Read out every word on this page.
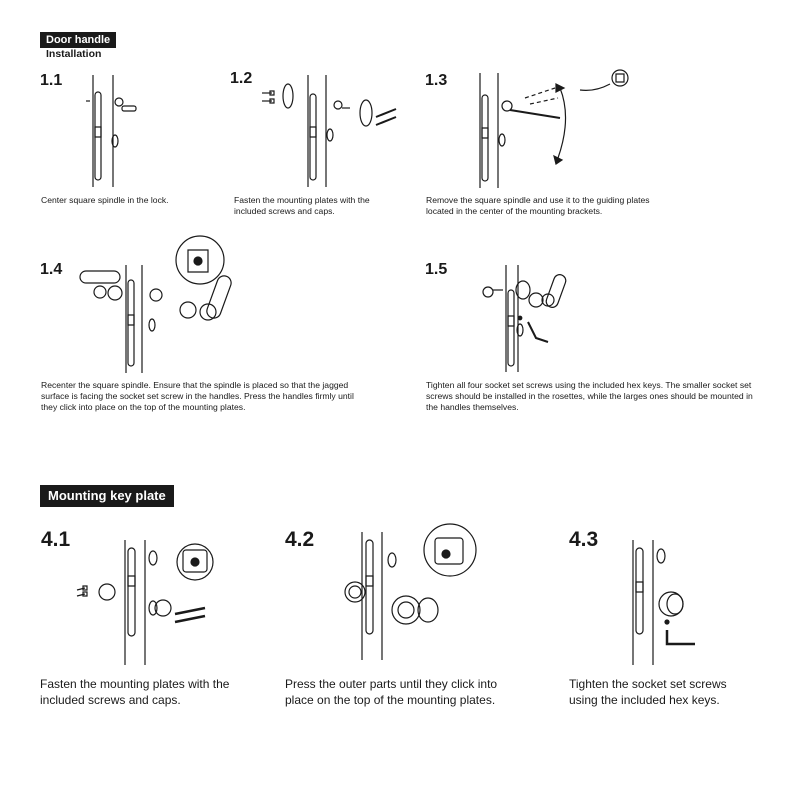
Door handle
Installation
1.1	1.2	1.3
1.4	1.5
Center square spindle in the lock.	Fasten the mounting plates with the included screws and caps.
Remove the square spindle and use it to the guiding plates located in the center of the mounting brackets.
Recenter the square spindle. Ensure that the spindle is placed so that the jagged surface is facing the socket set screw in the handles. Press the handles firmly until they click into place on the top of the mounting plates.
Tighten all four socket set screws using the included hex keys. The smaller socket set screws should be installed in the rosettes, while the larges ones should be mounted in the handles themselves.
Mounting key plate
4.1	4.2	4.3
Fasten the mounting plates with the included screws and caps.
Press the outer parts until they click into place on the top of the mounting plates.
Tighten the socket set screws using the included hex keys.
